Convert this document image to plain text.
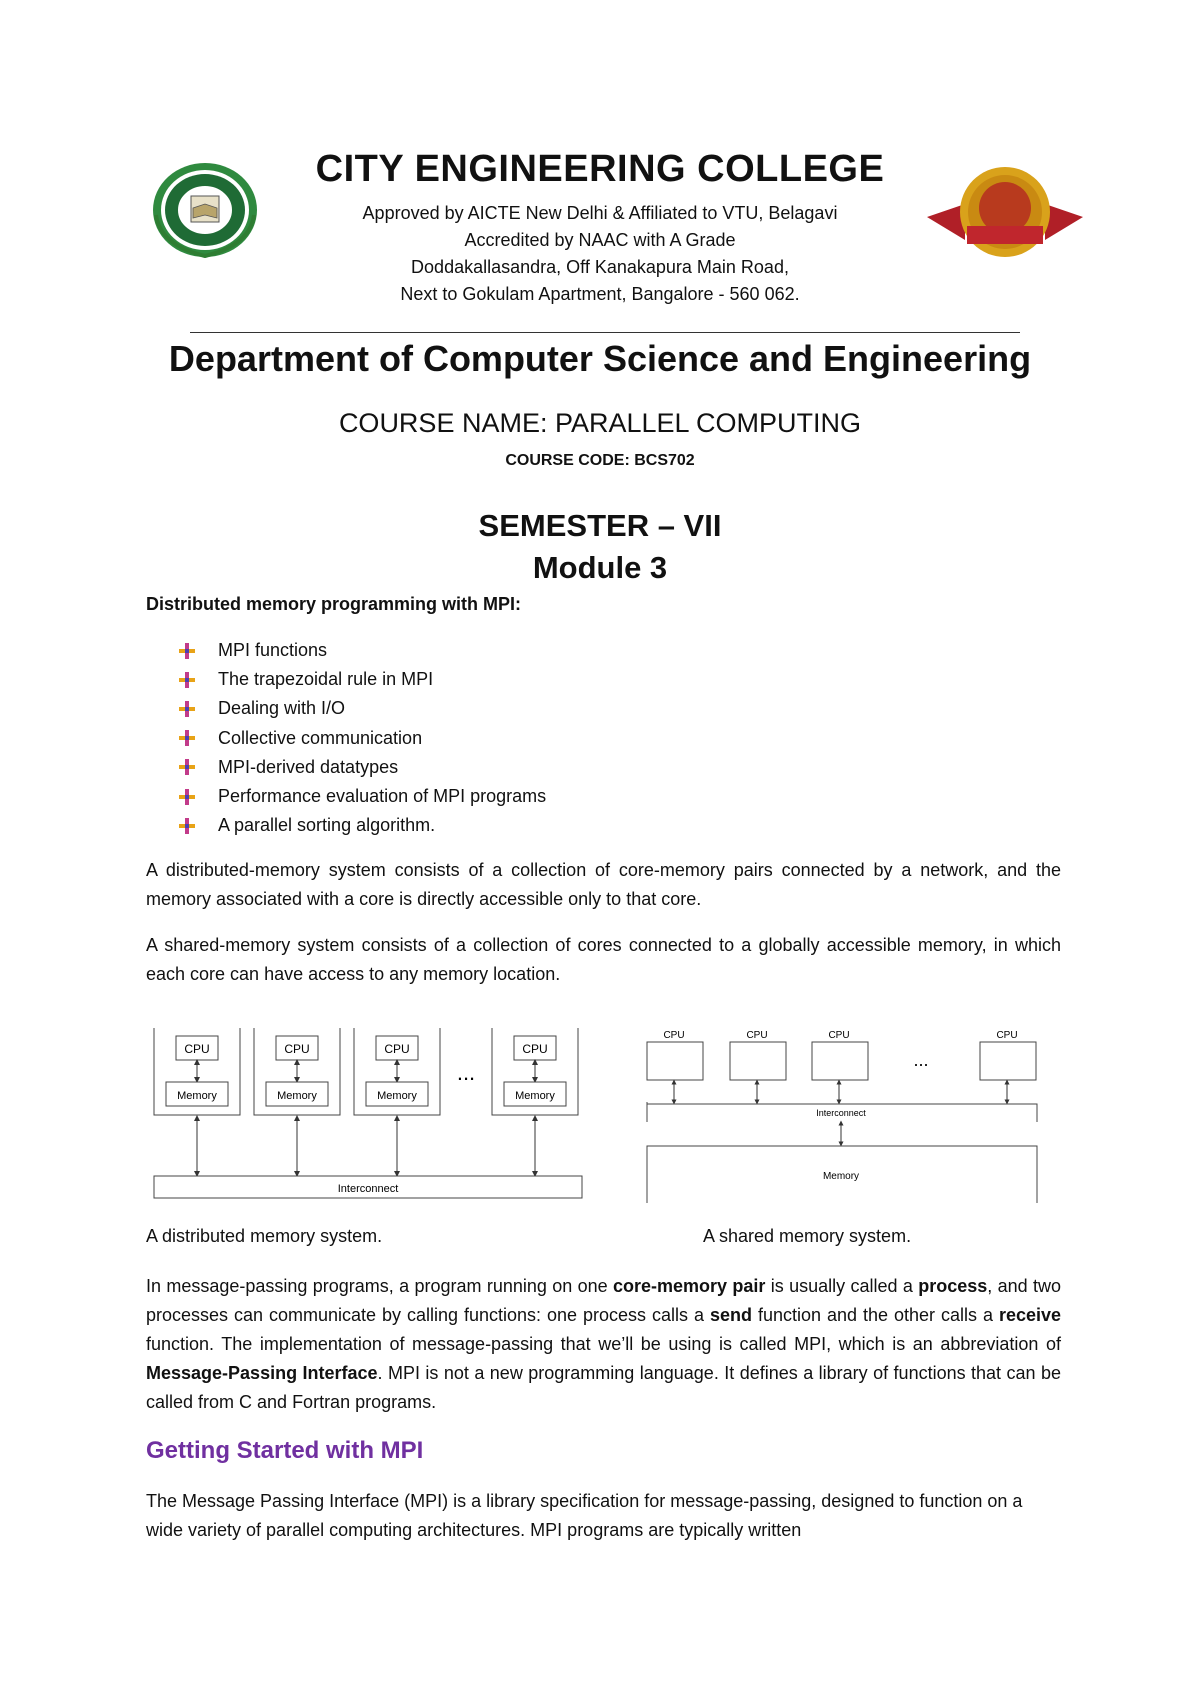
CITY ENGINEERING COLLEGE
Approved by AICTE New Delhi & Affiliated to VTU, Belagavi
Accredited by NAAC with A Grade
Doddakallasandra, Off Kanakapura Main Road,
Next to Gokulam Apartment, Bangalore - 560 062.
Department of Computer Science and Engineering
COURSE NAME: PARALLEL COMPUTING
COURSE CODE: BCS702
SEMESTER – VII
Module 3
Distributed memory programming with MPI:
MPI functions
The trapezoidal rule in MPI
Dealing with I/O
Collective communication
MPI-derived datatypes
Performance evaluation of MPI programs
A parallel sorting algorithm.
A distributed-memory system consists of a collection of core-memory pairs connected by a network, and the memory associated with a core is directly accessible only to that core.
A shared-memory system consists of a collection of cores connected to a globally accessible memory, in which each core can have access to any memory location.
CPU
Memory
CPU
Memory
CPU
Memory
...
CPU
Memory
Interconnect
CPU	CPU	CPU
...
CPU
Interconnect
Memory
A distributed memory system.	A shared memory system.
In message-passing programs, a program running on one core-memory pair is usually called a process, and two processes can communicate by calling functions: one process calls a send function and the other calls a receive function. The implementation of message-passing that we’ll be using is called MPI, which is an abbreviation of Message-Passing Interface. MPI is not a new programming language. It defines a library of functions that can be called from C and Fortran programs.
Getting Started with MPI
The Message Passing Interface (MPI) is a library specification for message-passing, designed to function on a wide variety of parallel computing architectures. MPI programs are typically written
